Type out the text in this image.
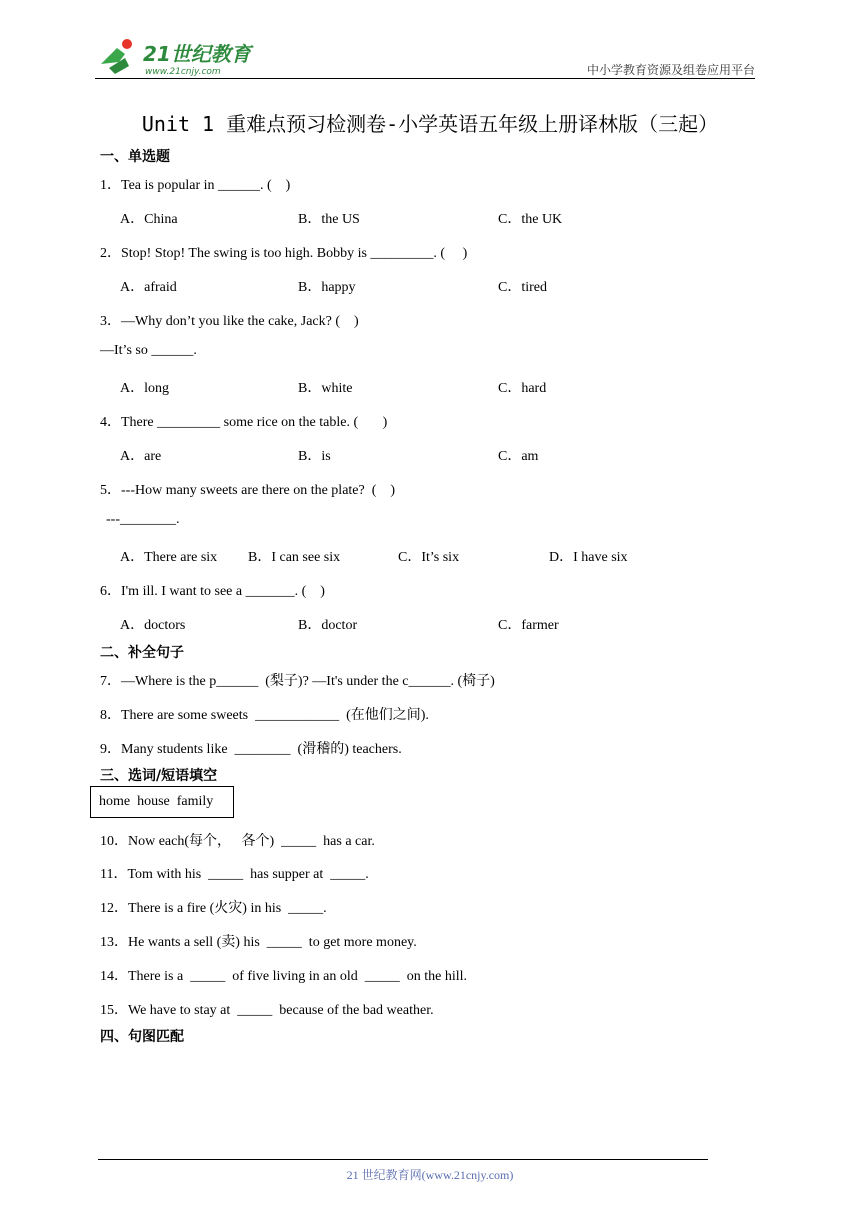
21世纪教育
www.21cnjy.com	中小学教育资源及组卷应用平台
Unit 1 重难点预习检测卷-小学英语五年级上册译林版（三起）
一、单选题
1．Tea is popular in ______. (    )
A．China	B．the US	C．the UK
2．Stop! Stop! The swing is too high. Bobby is _________. (     )
A．afraid	B．happy	C．tired
3．—Why don’t you like the cake, Jack? (    )
—It’s so ______.
A．long	B．white	C．hard
4．There _________ some rice on the table. (       )
A．are	B．is	C．am
5．---How many sweets are there on the plate?  (    )
---________.
A．There are six B．I can see six	C．It’s six	D．I have six
6．I'm ill. I want to see a _______. (    )
A．doctors	B．doctor	C．farmer
二、补全句子
7．—Where is the p______  (梨子)? —It's under the c______. (椅子)
8．There are some sweets  ____________  (在他们之间).
9．Many students like  ________  (滑稽的) teachers.
三、选词/短语填空
home  house  family
10．Now each(每个，   各个)  _____  has a car.
11．Tom with his  _____  has supper at  _____.
12．There is a fire (火灾) in his  _____.
13．He wants a sell (卖) his  _____  to get more money.
14．There is a  _____  of five living in an old  _____  on the hill.
15．We have to stay at  _____  because of the bad weather.
四、句图匹配
21 世纪教育网(www.21cnjy.com)
